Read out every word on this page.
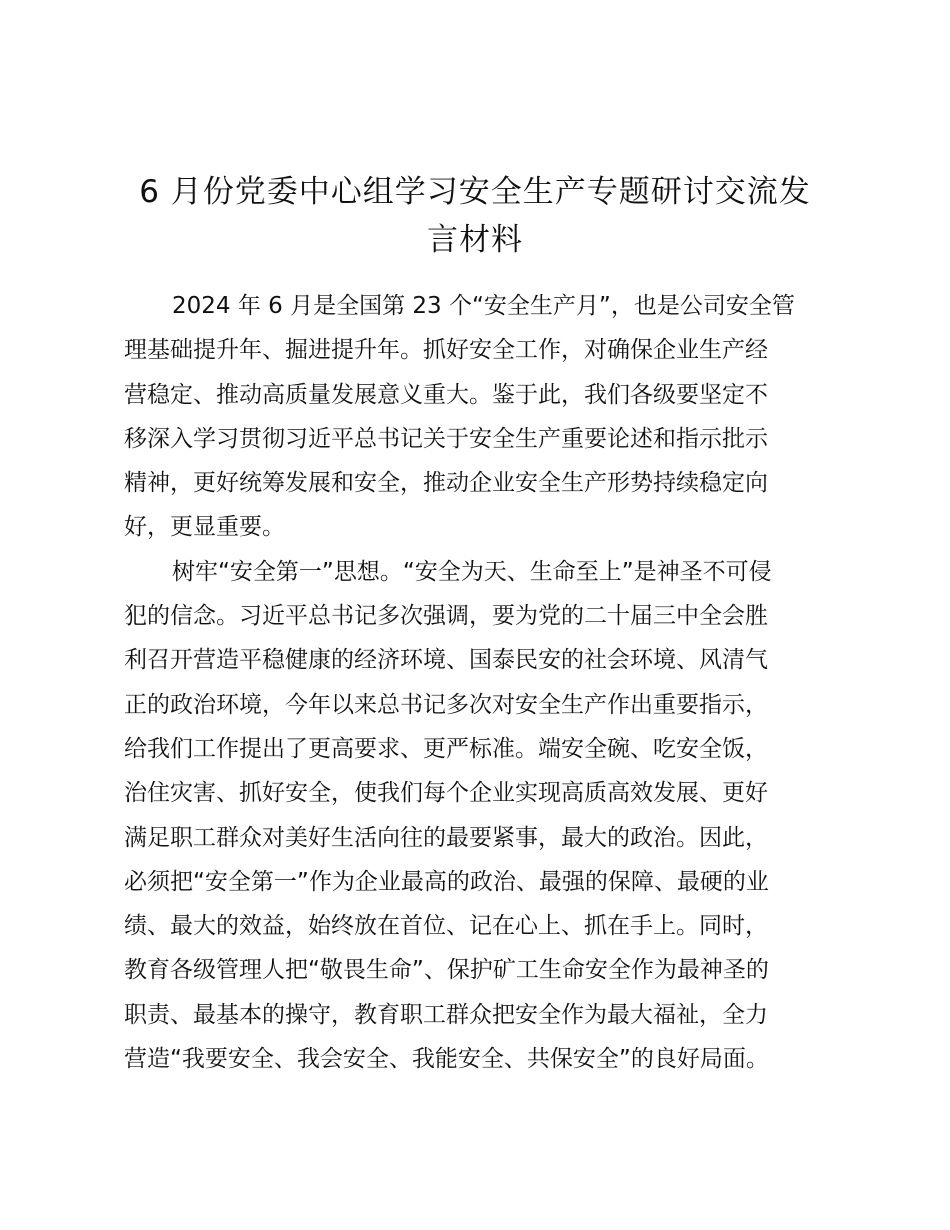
6 月份党委中心组学习安全生产专题研讨交流发
言材料
2024 年 6 月是全国第 23 个“安全生产月”，也是公司安全管
理基础提升年、掘进提升年。抓好安全工作，对确保企业生产经
营稳定、推动高质量发展意义重大。鉴于此，我们各级要坚定不
移深入学习贯彻习近平总书记关于安全生产重要论述和指示批示
精神，更好统筹发展和安全，推动企业安全生产形势持续稳定向
好，更显重要。
树牢“安全第一”思想。“安全为天、生命至上”是神圣不可侵
犯的信念。习近平总书记多次强调，要为党的二十届三中全会胜
利召开营造平稳健康的经济环境、国泰民安的社会环境、风清气
正的政治环境，今年以来总书记多次对安全生产作出重要指示，
给我们工作提出了更高要求、更严标准。端安全碗、吃安全饭，
治住灾害、抓好安全，使我们每个企业实现高质高效发展、更好
满足职工群众对美好生活向往的最要紧事，最大的政治。因此，
必须把“安全第一”作为企业最高的政治、最强的保障、最硬的业
绩、最大的效益，始终放在首位、记在心上、抓在手上。同时，
教育各级管理人把“敬畏生命”、保护矿工生命安全作为最神圣的
职责、最基本的操守，教育职工群众把安全作为最大福祉，全力
营造“我要安全、我会安全、我能安全、共保安全”的良好局面。
